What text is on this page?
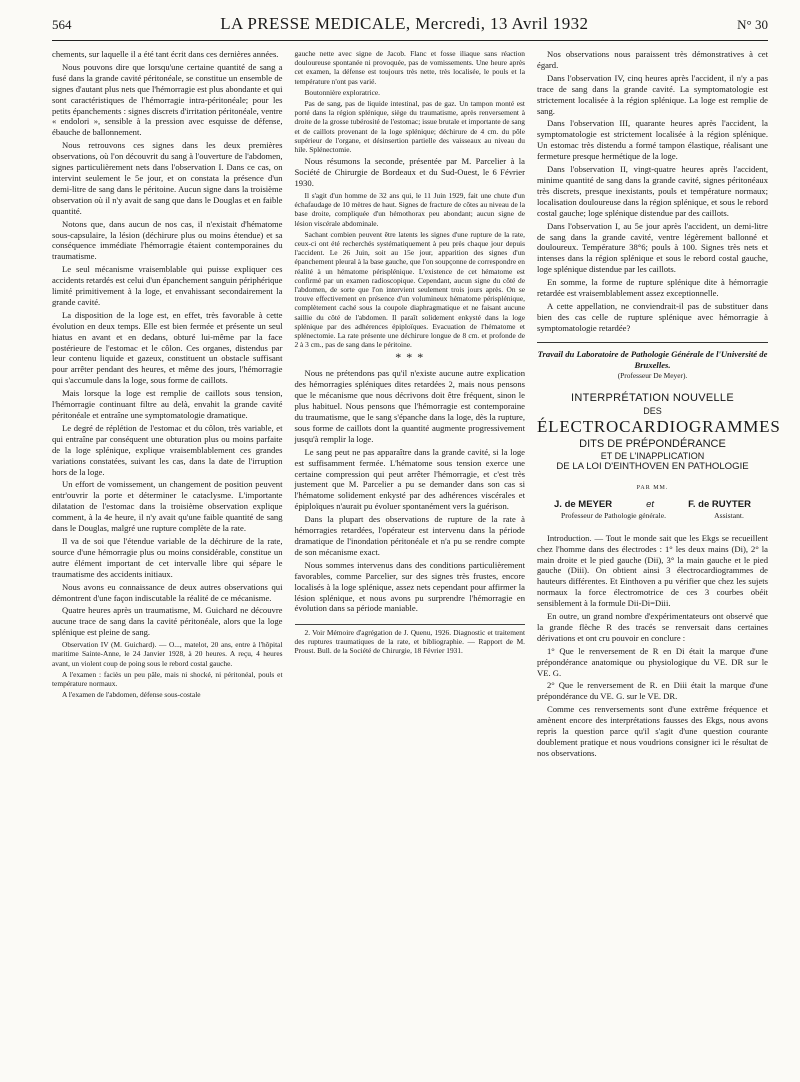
564	LA PRESSE MEDICALE, Mercredi, 13 Avril 1932	N° 30

chements, sur laquelle il a été tant écrit dans ces dernières années.

Nous pouvons dire que lorsqu'une certaine quantité de sang a fusé dans la grande cavité péritonéale, se constitue un ensemble de signes d'autant plus nets que l'hémorragie est plus abondante et qui sont caractéristiques de l'hémorragie intra-péritonéale; pour les petits épanchements : signes discrets d'irritation péritonéale, ventre « endolori », sensible à la pression avec esquisse de défense, ébauche de ballonnement.

Nous retrouvons ces signes dans les deux premières observations, où l'on découvrit du sang à l'ouverture de l'abdomen, signes particulièrement nets dans l'observation I. Dans ce cas, on intervint seulement le 5e jour, et on constata la présence d'un demi-litre de sang dans le péritoine. Aucun signe dans la troisième observation où il n'y avait de sang que dans le Douglas et en faible quantité.

Notons que, dans aucun de nos cas, il n'existait d'hématome sous-capsulaire, la lésion (déchirure plus ou moins étendue) et sa conséquence immédiate l'hémorragie étaient contemporaines du traumatisme.

Le seul mécanisme vraisemblable qui puisse expliquer ces accidents retardés est celui d'un épanchement sanguin périphérique limité primitivement à la loge, et envahissant secondairement la grande cavité.

La disposition de la loge est, en effet, très favorable à cette évolution en deux temps. Elle est bien fermée et présente un seul hiatus en avant et en dedans, obturé lui-même par la face postérieure de l'estomac et le côlon. Ces organes, distendus par leur contenu liquide et gazeux, constituent un obstacle suffisant pour arrêter pendant des heures, et même des jours, l'hémorragie qui s'accumule dans la loge, sous forme de caillots.

Mais lorsque la loge est remplie de caillots sous tension, l'hémorragie continuant filtre au delà, envahit la grande cavité péritonéale et entraîne une symptomatologie dramatique.

Le degré de réplétion de l'estomac et du côlon, très variable, et qui entraîne par conséquent une obturation plus ou moins parfaite de la loge splénique, explique vraisemblablement ces grandes variations constatées, suivant les cas, dans la date de l'irruption hors de la loge.

Un effort de vomissement, un changement de position peuvent entr'ouvrir la porte et déterminer le cataclysme. L'importante dilatation de l'estomac dans la troisième observation explique comment, à la 4e heure, il n'y avait qu'une faible quantité de sang dans le Douglas, malgré une rupture complète de la rate.

Il va de soi que l'étendue variable de la déchirure de la rate, source d'une hémorragie plus ou moins considérable, constitue un autre élément important de cet intervalle libre qui sépare le traumatisme des accidents initiaux.

Nous avons eu connaissance de deux autres observations qui démontrent d'une façon indiscutable la réalité de ce mécanisme.

Quatre heures après un traumatisme, M. Guichard ne découvre aucune trace de sang dans la cavité péritonéale, alors que la loge splénique est pleine de sang.

Observation IV (M. Guichard). — O..., matelot, 20 ans, entre à l'hôpital maritime Sainte-Anne, le 24 Janvier 1928, à 20 heures. A reçu, 4 heures avant, un violent coup de poing sous le rebord costal gauche.

A l'examen : faciès un peu pâle, mais ni shocké, ni péritonéal, pouls et température normaux.

A l'examen de l'abdomen, défense sous-costale

gauche nette avec signe de Jacob. Flanc et fosse iliaque sans réaction douloureuse spontanée ni provoquée, pas de vomissements. Une heure après cet examen, la défense est toujours très nette, très localisée, le pouls et la température n'ont pas varié.

Boutonnière exploratrice.

Pas de sang, pas de liquide intestinal, pas de gaz. Un tampon monté est porté dans la région splénique, siège du traumatisme, après renversement à droite de la grosse tubérosité de l'estomac; issue brutale et importante de sang et de caillots provenant de la loge splénique; déchirure de 4 cm. du pôle supérieur de l'organe, et désinsertion partielle des vaisseaux au niveau du hile. Splénectomie.

Nous résumons la seconde, présentée par M. Parcelier à la Société de Chirurgie de Bordeaux et du Sud-Ouest, le 6 Février 1930.

Il s'agit d'un homme de 32 ans qui, le 11 Juin 1929, fait une chute d'un échafaudage de 10 mètres de haut. Signes de fracture de côtes au niveau de la base droite, compliquée d'un hémothorax peu abondant; aucun signe de lésion viscérale abdominale.

Sachant combien peuvent être latents les signes d'une rupture de la rate, ceux-ci ont été recherchés systématiquement à peu près chaque jour depuis l'accident. Le 26 Juin, soit au 15e jour, apparition des signes d'un épanchement pleural à la base gauche, que l'on soupçonne de correspondre en réalité à un hématome périsplénique. L'existence de cet hématome est confirmé par un examen radioscopique. Cependant, aucun signe du côté de l'abdomen, de sorte que l'on intervient seulement trois jours après. On se trouve effectivement en présence d'un volumineux hématome périsplénique, complètement caché sous la coupole diaphragmatique et ne faisant aucune saillie du côté de l'abdomen. Il paraît solidement enkysté dans la loge splénique par des adhérences épiploïques. Evacuation de l'hématome et splénectomie. La rate présente une déchirure longue de 8 cm. et profonde de 2 à 3 cm., pas de sang dans le péritoine.

* * *

Nous ne prétendons pas qu'il n'existe aucune autre explication des hémorragies spléniques dites retardées 2, mais nous pensons que le mécanisme que nous décrivons doit être fréquent, sinon le plus habituel. Nous pensons que l'hémorragie est contemporaine du traumatisme, que le sang s'épanche dans la loge, dès la rupture, sous forme de caillots dont la quantité augmente progressivement jusqu'à remplir la loge.

Le sang peut ne pas apparaître dans la grande cavité, si la loge est suffisamment fermée. L'hématome sous tension exerce une certaine compression qui peut arrêter l'hémorragie, et c'est très justement que M. Parcelier a pu se demander dans son cas si l'hématome solidement enkysté par des adhérences viscérales et épiploïques n'aurait pu évoluer spontanément vers la guérison.

Dans la plupart des observations de rupture de la rate à hémorragies retardées, l'opérateur est intervenu dans la période dramatique de l'inondation péritonéale et n'a pu se rendre compte de son mécanisme exact.

Nous sommes intervenus dans des conditions particulièrement favorables, comme Parcelier, sur des signes très frustes, encore localisés à la loge splénique, assez nets cependant pour affirmer la lésion splénique, et nous avons pu surprendre l'hémorragie en évolution dans sa période maniable.

2. Voir Mémoire d'agrégation de J. Quenu, 1926. Diagnostic et traitement des ruptures traumatiques de la rate, et bibliographie. — Rapport de M. Proust. Bull. de la Société de Chirurgie, 18 Février 1931.

Nos observations nous paraissent très démonstratives à cet égard.

Dans l'observation IV, cinq heures après l'accident, il n'y a pas trace de sang dans la grande cavité. La symptomatologie est strictement localisée à la région splénique. La loge est remplie de sang.

Dans l'observation III, quarante heures après l'accident, la symptomatologie est strictement localisée à la région splénique. Un estomac très distendu a formé tampon élastique, réalisant une fermeture presque hermétique de la loge.

Dans l'observation II, vingt-quatre heures après l'accident, minime quantité de sang dans la grande cavité, signes péritonéaux très discrets, presque inexistants, pouls et température normaux; localisation douloureuse dans la région splénique, et sous le rebord costal gauche; loge splénique distendue par des caillots.

Dans l'observation I, au 5e jour après l'accident, un demi-litre de sang dans la grande cavité, ventre légèrement ballonné et douloureux. Température 38°6; pouls à 100. Signes très nets et intenses dans la région splénique et sous le rebord costal gauche, loge splénique distendue par les caillots.

En somme, la forme de rupture splénique dite à hémorragie retardée est vraisemblablement assez exceptionnelle.

A cette appellation, ne conviendrait-il pas de substituer dans bien des cas celle de rupture splénique avec hémorragie à symptomatologie retardée?

Travail du Laboratoire de Pathologie Générale de l'Université de Bruxelles.
(Professeur De Meyer).
INTERPRÉTATION NOUVELLE
DES
ÉLECTROCARDIOGRAMMES
DITS DE PRÉPONDÉRANCE
ET DE L'INAPPLICATION
DE LA LOI D'EINTHOVEN EN PATHOLOGIE
PAR MM.
J. de MEYER	et	F. de RUYTER
Professeur de Pathologie générale.	Assistant.

Introduction. — Tout le monde sait que les Ekgs se recueillent chez l'homme dans des électrodes : 1° les deux mains (Di), 2° la main droite et le pied gauche (Dii), 3° la main gauche et le pied gauche (Diii). On obtient ainsi 3 électrocardiogrammes de hauteurs différentes. Et Einthoven a pu vérifier que chez les sujets normaux la force électromotrice de ces 3 courbes obéit sensiblement à la formule Dii-Di=Diii.

En outre, un grand nombre d'expérimentateurs ont observé que la grande flèche R des tracés se renversait dans certaines dérivations et ont cru pouvoir en conclure :

1° Que le renversement de R en Di était la marque d'une prépondérance anatomique ou physiologique du VE. DR sur le VE. G.

2° Que le renversement de R. en Diii était la marque d'une prépondérance du VE. G. sur le VE. DR.

Comme ces renversements sont d'une extrême fréquence et amènent encore des interprétations fausses des Ekgs, nous avons repris la question parce qu'il s'agit d'une question courante doublement pratique et nous voudrions consigner ici le résultat de nos observations.
